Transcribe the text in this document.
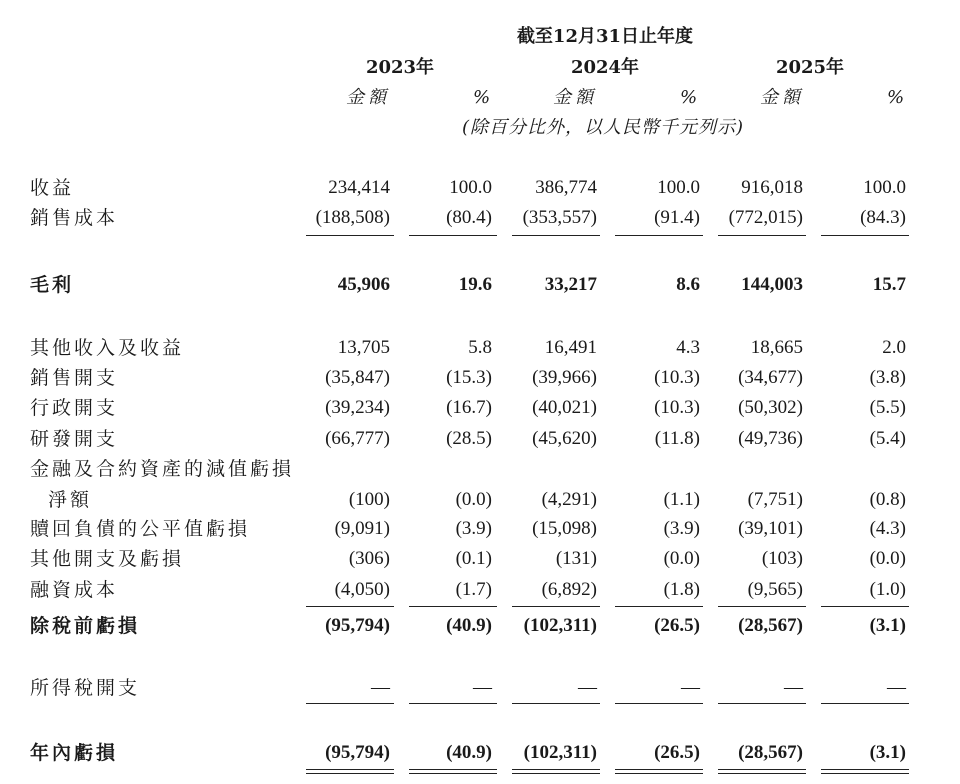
截至12月31日止年度
2023年	2024年	2025年
金額	%	金額	%	金額	%
(除百分比外，以人民幣千元列示)
收益	234,414	100.0	386,774	100.0	916,018	100.0
銷售成本	(188,508)	(80.4)	(353,557)	(91.4)	(772,015)	(84.3)
毛利	45,906	19.6	33,217	8.6	144,003	15.7
其他收入及收益	13,705	5.8	16,491	4.3	18,665	2.0
銷售開支	(35,847)	(15.3)	(39,966)	(10.3)	(34,677)	(3.8)
行政開支	(39,234)	(16.7)	(40,021)	(10.3)	(50,302)	(5.5)
研發開支	(66,777)	(28.5)	(45,620)	(11.8)	(49,736)	(5.4)
金融及合約資產的減值虧損
淨額	(100)	(0.0)	(4,291)	(1.1)	(7,751)	(0.8)
贖回負債的公平值虧損	(9,091)	(3.9)	(15,098)	(3.9)	(39,101)	(4.3)
其他開支及虧損	(306)	(0.1)	(131)	(0.0)	(103)	(0.0)
融資成本	(4,050)	(1.7)	(6,892)	(1.8)	(9,565)	(1.0)
除稅前虧損	(95,794)	(40.9)	(102,311)	(26.5)	(28,567)	(3.1)
所得稅開支	—	—	—	—	—	—
年內虧損	(95,794)	(40.9)	(102,311)	(26.5)	(28,567)	(3.1)
